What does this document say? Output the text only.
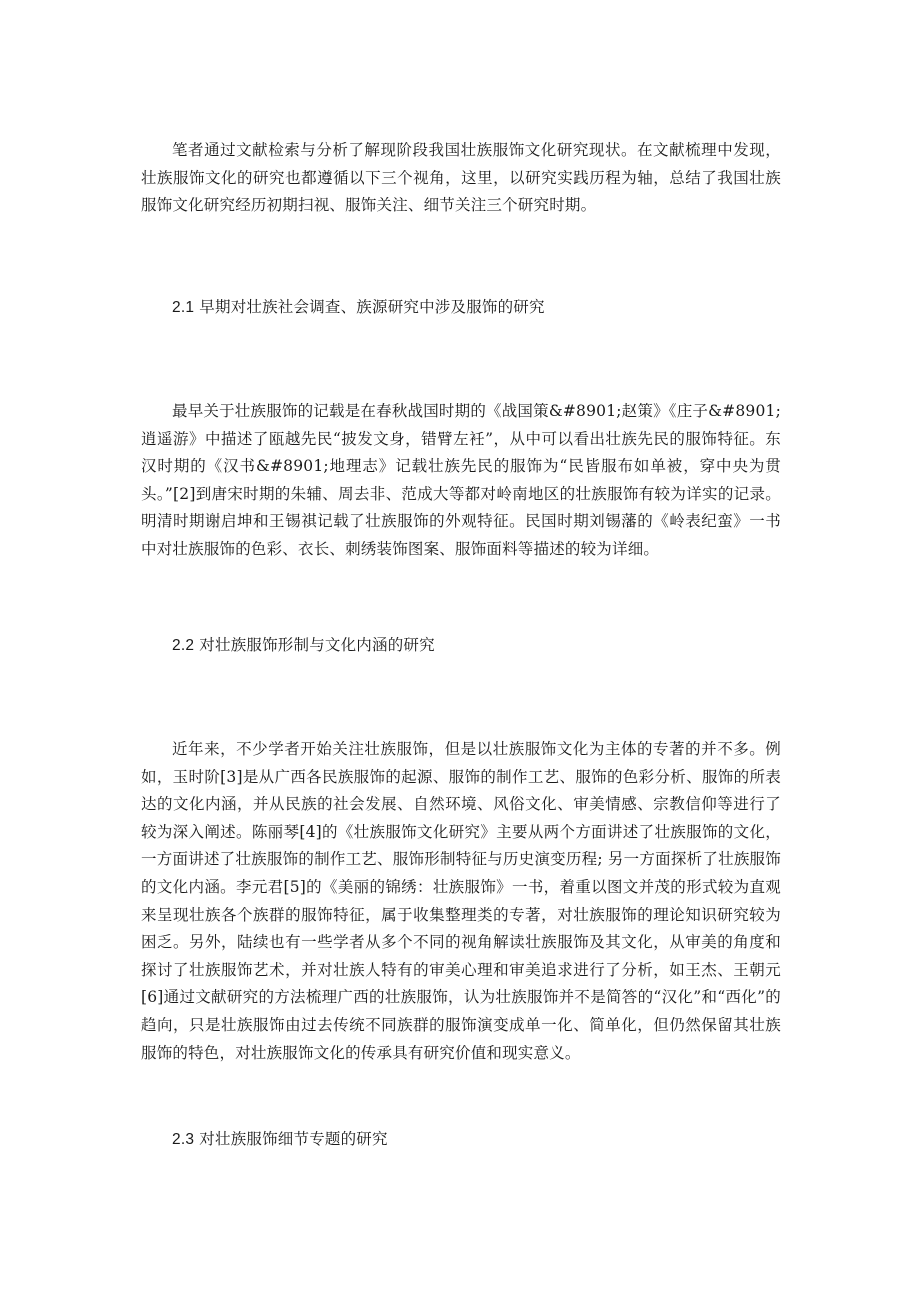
笔者通过文献检索与分析了解现阶段我国壮族服饰文化研究现状。在文献梳理中发现，壮族服饰文化的研究也都遵循以下三个视角，这里，以研究实践历程为轴，总结了我国壮族服饰文化研究经历初期扫视、服饰关注、细节关注三个研究时期。

2.1 早期对壮族社会调查、族源研究中涉及服饰的研究

最早关于壮族服饰的记载是在春秋战国时期的《战国策&#8901;赵策》《庄子&#8901;逍遥游》中描述了瓯越先民“披发文身，错臂左衽”，从中可以看出壮族先民的服饰特征。东汉时期的《汉书&#8901;地理志》记载壮族先民的服饰为“民皆服布如单被，穿中央为贯头。”[2]到唐宋时期的朱辅、周去非、范成大等都对岭南地区的壮族服饰有较为详实的记录。明清时期谢启坤和王锡祺记载了壮族服饰的外观特征。民国时期刘锡藩的《岭表纪蛮》一书中对壮族服饰的色彩、衣长、刺绣装饰图案、服饰面料等描述的较为详细。

2.2 对壮族服饰形制与文化内涵的研究

近年来，不少学者开始关注壮族服饰，但是以壮族服饰文化为主体的专著的并不多。例如，玉时阶[3]是从广西各民族服饰的起源、服饰的制作工艺、服饰的色彩分析、服饰的所表达的文化内涵，并从民族的社会发展、自然环境、风俗文化、审美情感、宗教信仰等进行了较为深入阐述。陈丽琴[4]的《壮族服饰文化研究》主要从两个方面讲述了壮族服饰的文化，一方面讲述了壮族服饰的制作工艺、服饰形制特征与历史演变历程; 另一方面探析了壮族服饰的文化内涵。李元君[5]的《美丽的锦绣：壮族服饰》一书，着重以图文并茂的形式较为直观来呈现壮族各个族群的服饰特征，属于收集整理类的专著，对壮族服饰的理论知识研究较为困乏。另外，陆续也有一些学者从多个不同的视角解读壮族服饰及其文化，从审美的角度和探讨了壮族服饰艺术，并对壮族人特有的审美心理和审美追求进行了分析，如王杰、王朝元[6]通过文献研究的方法梳理广西的壮族服饰，认为壮族服饰并不是简答的“汉化”和“西化”的趋向，只是壮族服饰由过去传统不同族群的服饰演变成单一化、简单化，但仍然保留其壮族服饰的特色，对壮族服饰文化的传承具有研究价值和现实意义。

2.3 对壮族服饰细节专题的研究
